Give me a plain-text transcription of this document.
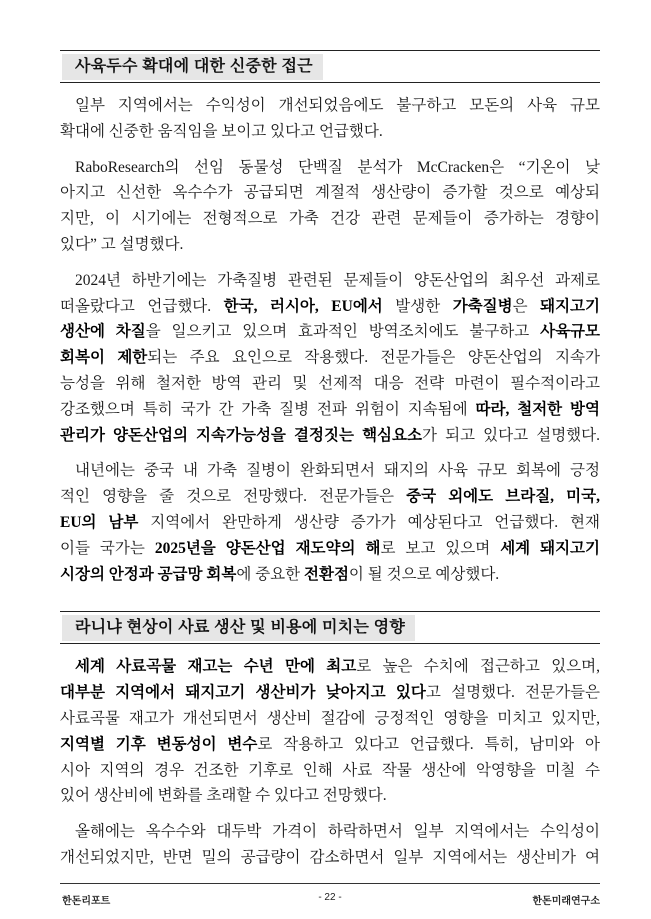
사육두수 확대에 대한 신중한 접근
일부 지역에서는 수익성이 개선되었음에도 불구하고 모돈의 사육 규모
확대에 신중한 움직임을 보이고 있다고 언급했다.
RaboResearch의 선임 동물성 단백질 분석가 McCracken은 “기온이 낮
아지고 신선한 옥수수가 공급되면 계절적 생산량이 증가할 것으로 예상되
지만, 이 시기에는 전형적으로 가축 건강 관련 문제들이 증가하는 경향이
있다” 고 설명했다.
2024년 하반기에는 가축질병 관련된 문제들이 양돈산업의 최우선 과제로
떠올랐다고 언급했다. 한국, 러시아, EU에서 발생한 가축질병은 돼지고기
생산에 차질을 일으키고 있으며 효과적인 방역조치에도 불구하고 사육규모
회복이 제한되는 주요 요인으로 작용했다. 전문가들은 양돈산업의 지속가
능성을 위해 철저한 방역 관리 및 선제적 대응 전략 마련이 필수적이라고
강조했으며 특히 국가 간 가축 질병 전파 위험이 지속됨에 따라, 철저한 방역
관리가 양돈산업의 지속가능성을 결정짓는 핵심요소가 되고 있다고 설명했다.
내년에는 중국 내 가축 질병이 완화되면서 돼지의 사육 규모 회복에 긍정
적인 영향을 줄 것으로 전망했다. 전문가들은 중국 외에도 브라질, 미국,
EU의 남부 지역에서 완만하게 생산량 증가가 예상된다고 언급했다. 현재
이들 국가는 2025년을 양돈산업 재도약의 해로 보고 있으며 세계 돼지고기
시장의 안정과 공급망 회복에 중요한 전환점이 될 것으로 예상했다.
라니냐 현상이 사료 생산 및 비용에 미치는 영향
세계 사료곡물 재고는 수년 만에 최고로 높은 수치에 접근하고 있으며,
대부분 지역에서 돼지고기 생산비가 낮아지고 있다고 설명했다. 전문가들은
사료곡물 재고가 개선되면서 생산비 절감에 긍정적인 영향을 미치고 있지만,
지역별 기후 변동성이 변수로 작용하고 있다고 언급했다. 특히, 남미와 아
시아 지역의 경우 건조한 기후로 인해 사료 작물 생산에 악영향을 미칠 수
있어 생산비에 변화를 초래할 수 있다고 전망했다.
올해에는 옥수수와 대두박 가격이 하락하면서 일부 지역에서는 수익성이
개선되었지만, 반면 밀의 공급량이 감소하면서 일부 지역에서는 생산비가 여
한돈리포트	- 22 -	한돈미래연구소
